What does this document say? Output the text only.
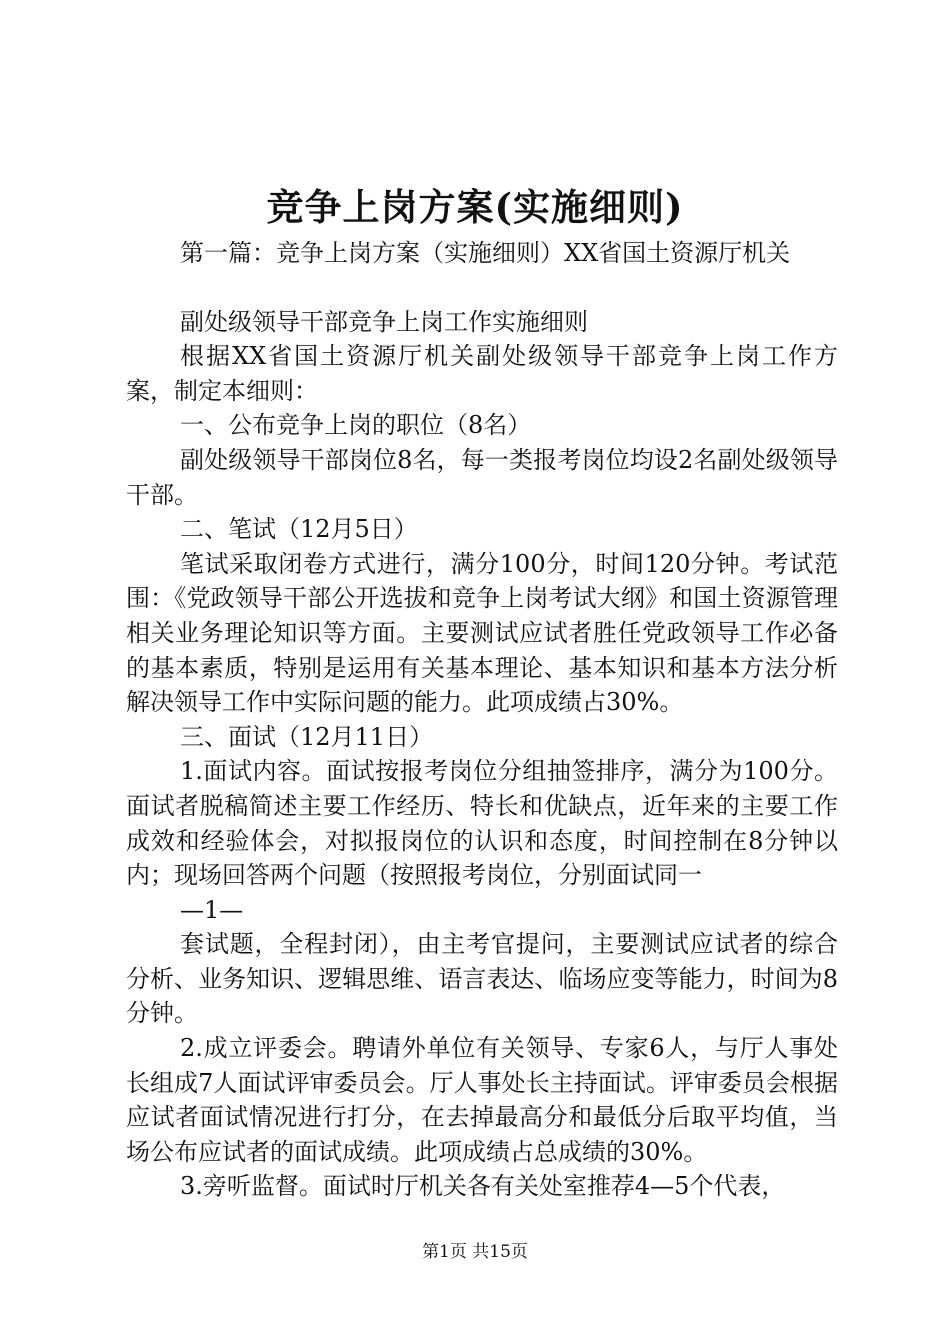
竞争上岗方案(实施细则)

第一篇：竞争上岗方案（实施细则）XX省国土资源厅机关

副处级领导干部竞争上岗工作实施细则

根据XX省国土资源厅机关副处级领导干部竞争上岗工作方案，制定本细则：

一、公布竞争上岗的职位（8名）

副处级领导干部岗位8名，每一类报考岗位均设2名副处级领导干部。

二、笔试（12月5日）

笔试采取闭卷方式进行，满分100分，时间120分钟。考试范围：《党政领导干部公开选拔和竞争上岗考试大纲》和国土资源管理相关业务理论知识等方面。主要测试应试者胜任党政领导工作必备的基本素质，特别是运用有关基本理论、基本知识和基本方法分析解决领导工作中实际问题的能力。此项成绩占30%。

三、面试（12月11日）

1.面试内容。面试按报考岗位分组抽签排序，满分为100分。面试者脱稿简述主要工作经历、特长和优缺点，近年来的主要工作成效和经验体会，对拟报岗位的认识和态度，时间控制在8分钟以内；现场回答两个问题（按照报考岗位，分别面试同一

—1—

套试题，全程封闭），由主考官提问，主要测试应试者的综合分析、业务知识、逻辑思维、语言表达、临场应变等能力，时间为8分钟。

2.成立评委会。聘请外单位有关领导、专家6人，与厅人事处长组成7人面试评审委员会。厅人事处长主持面试。评审委员会根据应试者面试情况进行打分，在去掉最高分和最低分后取平均值，当场公布应试者的面试成绩。此项成绩占总成绩的30%。

3.旁听监督。面试时厅机关各有关处室推荐4—5个代表，

第1页 共15页
